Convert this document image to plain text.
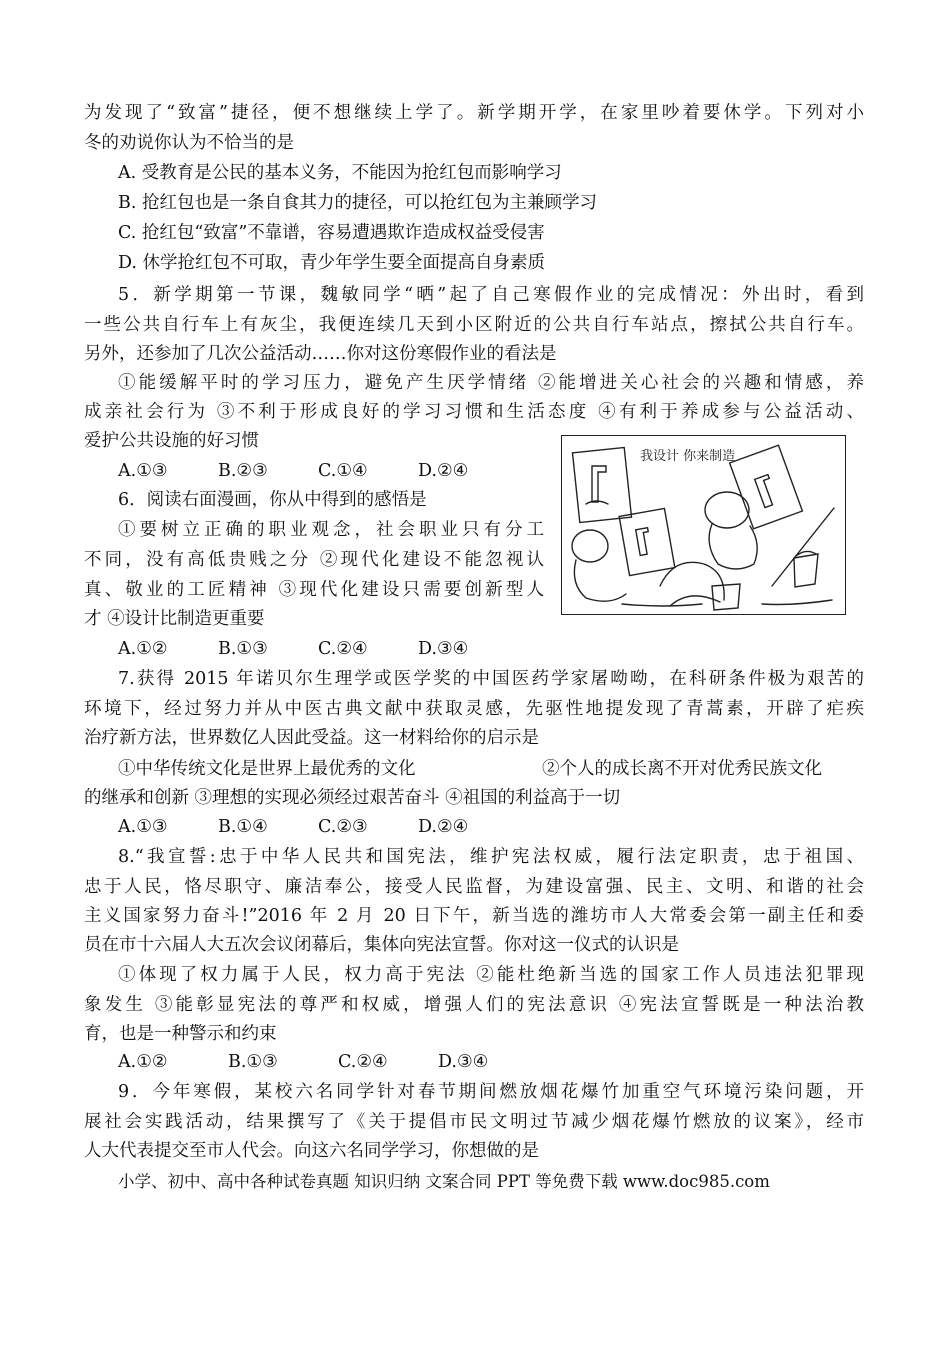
为发现了“致富”捷径，便不想继续上学了。新学期开学，在家里吵着要休学。下列对小
冬的劝说你认为不恰当的是
A. 受教育是公民的基本义务，不能因为抢红包而影响学习
B. 抢红包也是一条自食其力的捷径，可以抢红包为主兼顾学习
C. 抢红包“致富”不靠谱，容易遭遇欺诈造成权益受侵害
D. 休学抢红包不可取，青少年学生要全面提高自身素质
5．新学期第一节课，魏敏同学“晒”起了自己寒假作业的完成情况：外出时，看到
一些公共自行车上有灰尘，我便连续几天到小区附近的公共自行车站点，擦拭公共自行车。
另外，还参加了几次公益活动……你对这份寒假作业的看法是
①能缓解平时的学习压力，避免产生厌学情绪 ②能增进关心社会的兴趣和情感，养
成亲社会行为 ③不利于形成良好的学习习惯和生活态度 ④有利于养成参与公益活动、
爱护公共设施的好习惯
A.①③	B.②③	C.①④	D.②④
6．阅读右面漫画，你从中得到的感悟是
①要树立正确的职业观念，社会职业只有分工
不同，没有高低贵贱之分 ②现代化建设不能忽视认
真、敬业的工匠精神 ③现代化建设只需要创新型人
才 ④设计比制造更重要
A.①②	B.①③	C.②④	D.③④
我设计 你来制造
7.获得 2015 年诺贝尔生理学或医学奖的中国医药学家屠呦呦，在科研条件极为艰苦的
环境下，经过努力并从中医古典文献中获取灵感，先驱性地提发现了青蒿素，开辟了疟疾
治疗新方法，世界数亿人因此受益。这一材料给你的启示是
①中华传统文化是世界上最优秀的文化	②个人的成长离不开对优秀民族文化
的继承和创新 ③理想的实现必须经过艰苦奋斗 ④祖国的利益高于一切
A.①③	B.①④	C.②③	D.②④
8.“我宣誓:忠于中华人民共和国宪法，维护宪法权威，履行法定职责，忠于祖国、
忠于人民，恪尽职守、廉洁奉公，接受人民监督，为建设富强、民主、文明、和谐的社会
主义国家努力奋斗!”2016 年 2 月 20 日下午，新当选的潍坊市人大常委会第一副主任和委
员在市十六届人大五次会议闭幕后，集体向宪法宣誓。你对这一仪式的认识是
①体现了权力属于人民，权力高于宪法 ②能杜绝新当选的国家工作人员违法犯罪现
象发生 ③能彰显宪法的尊严和权威，增强人们的宪法意识 ④宪法宣誓既是一种法治教
育，也是一种警示和约束
A.①②	B.①③	C.②④	D.③④
9．今年寒假，某校六名同学针对春节期间燃放烟花爆竹加重空气环境污染问题，开
展社会实践活动，结果撰写了《关于提倡市民文明过节减少烟花爆竹燃放的议案》，经市
人大代表提交至市人代会。向这六名同学学习，你想做的是
小学、初中、高中各种试卷真题 知识归纳 文案合同 PPT 等免费下载 www.doc985.com
